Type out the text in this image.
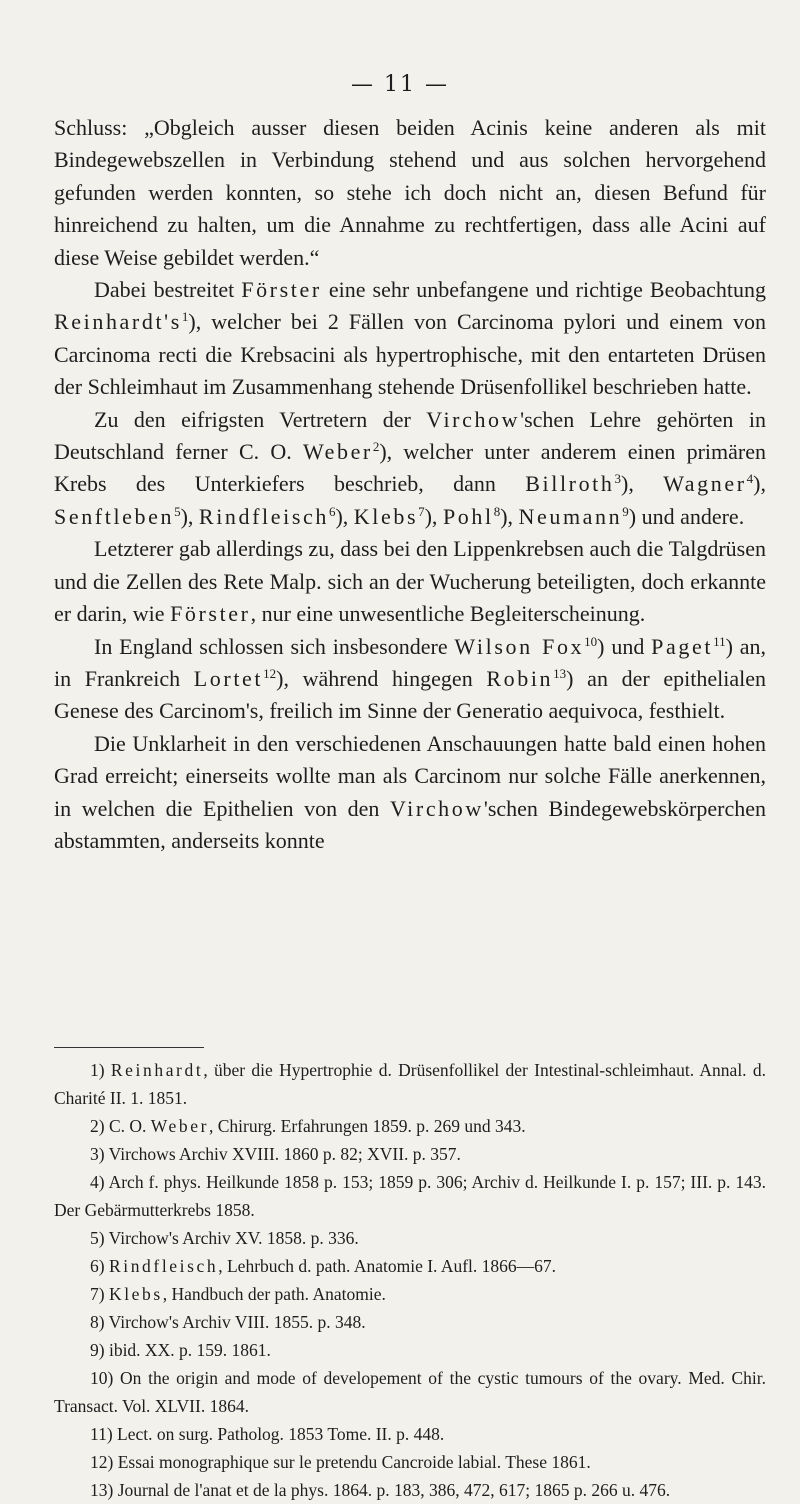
— 11 —

Schluss: „Obgleich ausser diesen beiden Acinis keine anderen als mit Bindegewebszellen in Verbindung stehend und aus solchen hervorgehend gefunden werden konnten, so stehe ich doch nicht an, diesen Befund für hinreichend zu halten, um die Annahme zu rechtfertigen, dass alle Acini auf diese Weise gebildet werden.“

Dabei bestreitet Förster eine sehr unbefangene und richtige Beobachtung $Reinhardt's^1$), welcher bei 2 Fällen von Carcinoma pylori und einem von Carcinoma recti die Krebsacini als hypertrophische, mit den entarteten Drüsen der Schleimhaut im Zusammenhang stehende Drüsenfollikel beschrieben hatte.

Zu den eifrigsten Vertretern der Virchow'schen Lehre gehörten in Deutschland ferner C. O. Weber$^2$), welcher unter anderem einen primären Krebs des Unterkiefers beschrieb, dann Billroth$^3$), Wagner$^4$), Senftleben$^5$), Rindfleisch$^6$), Klebs$^7$), Pohl$^8$), Neumann$^9$) und andere.

Letzterer gab allerdings zu, dass bei den Lippenkrebsen auch die Talgdrüsen und die Zellen des Rete Malp. sich an der Wucherung beteiligten, doch erkannte er darin, wie Förster, nur eine unwesentliche Begleiterscheinung.

In England schlossen sich insbesondere Wilson Fox$^{10}$) und Paget$^{11}$) an, in Frankreich Lortet$^{12}$), während hingegen Robin$^{13}$) an der epithelialen Genese des Carcinom's, freilich im Sinne der Generatio aequivoca, festhielt.

Die Unklarheit in den verschiedenen Anschauungen hatte bald einen hohen Grad erreicht; einerseits wollte man als Carcinom nur solche Fälle anerkennen, in welchen die Epithelien von den Virchow'schen Bindegewebskörperchen abstammten, anderseits konnte

1) Reinhardt, über die Hypertrophie d. Drüsenfollikel der Intestinal-schleimhaut. Annal. d. Charité II. 1. 1851.

2) C. O. Weber, Chirurg. Erfahrungen 1859. p. 269 und 343.

3) Virchows Archiv XVIII. 1860 p. 82; XVII. p. 357.

4) Arch f. phys. Heilkunde 1858 p. 153; 1859 p. 306; Archiv d. Heilkunde I. p. 157; III. p. 143. Der Gebärmutterkrebs 1858.

5) Virchow's Archiv XV. 1858. p. 336.

6) Rindfleisch, Lehrbuch d. path. Anatomie I. Aufl. 1866—67.

7) Klebs, Handbuch der path. Anatomie.

8) Virchow's Archiv VIII. 1855. p. 348.

9) ibid. XX. p. 159. 1861.

10) On the origin and mode of developement of the cystic tumours of the ovary. Med. Chir. Transact. Vol. XLVII. 1864.

11) Lect. on surg. Patholog. 1853 Tome. II. p. 448.

12) Essai monographique sur le pretendu Cancroide labial. These 1861.

13) Journal de l'anat et de la phys. 1864. p. 183, 386, 472, 617; 1865 p. 266 u. 476.
